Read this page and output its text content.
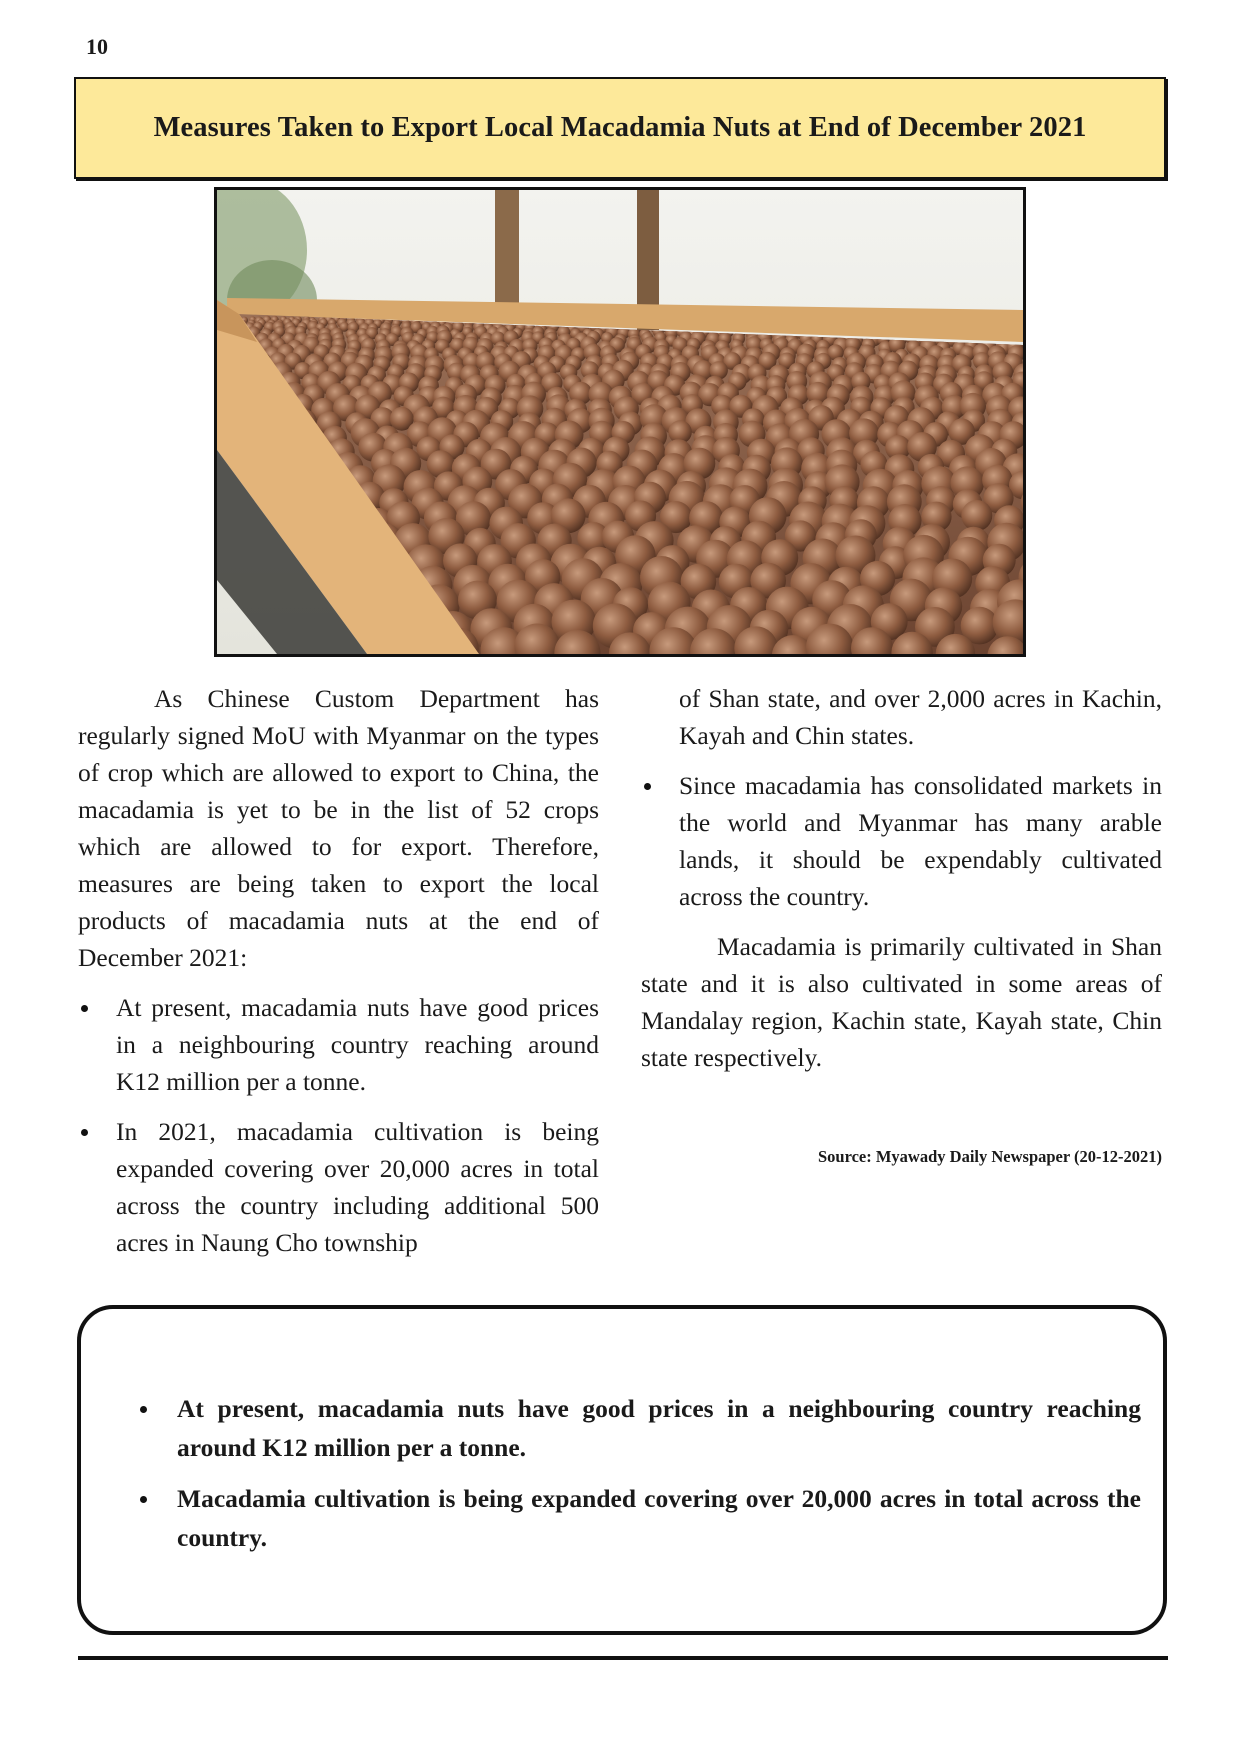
10
Measures Taken to Export Local Macadamia Nuts at End of December 2021

As Chinese Custom Department has regularly signed MoU with Myanmar on the types of crop which are allowed to export to China, the macadamia is yet to be in the list of 52 crops which are allowed to for export. Therefore, measures are being taken to export the local products of macadamia nuts at the end of December 2021:

At present, macadamia nuts have good prices in a neighbouring country reaching around K12 million per a tonne.
In 2021, macadamia cultivation is being expanded covering over 20,000 acres in total across the country including additional 500 acres in Naung Cho township
of Shan state, and over 2,000 acres in Kachin, Kayah and Chin states.
Since macadamia has consolidated markets in the world and Myanmar has many arable lands, it should be expendably cultivated across the country.

Macadamia is primarily cultivated in Shan state and it is also cultivated in some areas of Mandalay region, Kachin state, Kayah state, Chin state respectively.

Source: Myawady Daily Newspaper (20-12-2021)

At present, macadamia nuts have good prices in a neighbouring country reaching around K12 million per a tonne.
Macadamia cultivation is being expanded covering over 20,000 acres in total across the country.
